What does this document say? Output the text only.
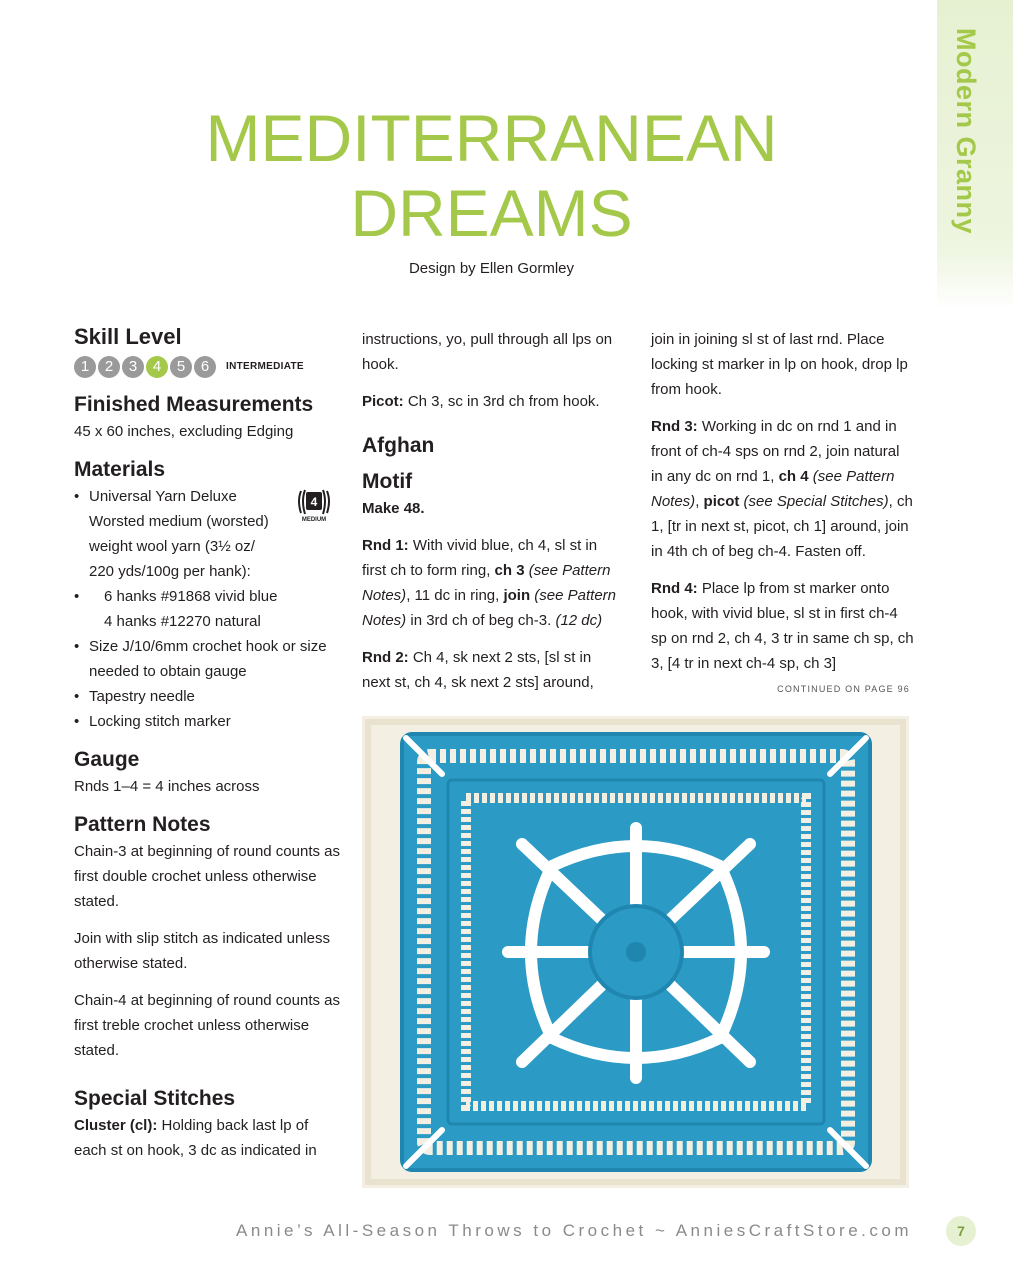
Modern Granny
MEDITERRANEAN
DREAMS
Design by Ellen Gormley
Skill Level
1	2	3	4	5	6	INTERMEDIATE
Finished Measurements

45 x 60 inches, excluding Edging

Materials
• Universal Yarn Deluxe
Worsted medium (worsted)
weight wool yarn (3½ oz/
220 yds/100g per hank):
• 6 hanks #91868 vivid blue
4 hanks #12270 natural
• Size J/10/6mm crochet hook or size needed to obtain gauge
• Tapestry needle
• Locking stitch marker
Gauge

Rnds 1–4 = 4 inches across

Pattern Notes

Chain-3 at beginning of round counts as first double crochet unless otherwise stated.

Join with slip stitch as indicated unless otherwise stated.

Chain-4 at beginning of round counts as first treble crochet unless otherwise stated.

Special Stitches

Cluster (cl): Holding back last lp of each st on hook, 3 dc as indicated in

4
MEDIUM

instructions, yo, pull through all lps on hook.

Picot: Ch 3, sc in 3rd ch from hook.

Afghan
Motif

Make 48.

Rnd 1: With vivid blue, ch 4, sl st in first ch to form ring, ch 3 (see Pattern Notes), 11 dc in ring, join (see Pattern Notes) in 3rd ch of beg ch-3. (12 dc)

Rnd 2: Ch 4, sk next 2 sts, [sl st in next st, ch 4, sk next 2 sts] around,

join in joining sl st of last rnd. Place locking st marker in lp on hook, drop lp from hook.

Rnd 3: Working in dc on rnd 1 and in front of ch-4 sps on rnd 2, join natural in any dc on rnd 1, ch 4 (see Pattern Notes), picot (see Special Stitches), ch 1, [tr in next st, picot, ch 1] around, join in 4th ch of beg ch-4. Fasten off.

Rnd 4: Place lp from st marker onto hook, with vivid blue, sl st in first ch-4 sp on rnd 2, ch 4, 3 tr in same ch sp, ch 3, [4 tr in next ch-4 sp, ch 3]

CONTINUED ON PAGE 96
Annie’s All-Season Throws to Crochet ~ AnniesCraftStore.com	7
